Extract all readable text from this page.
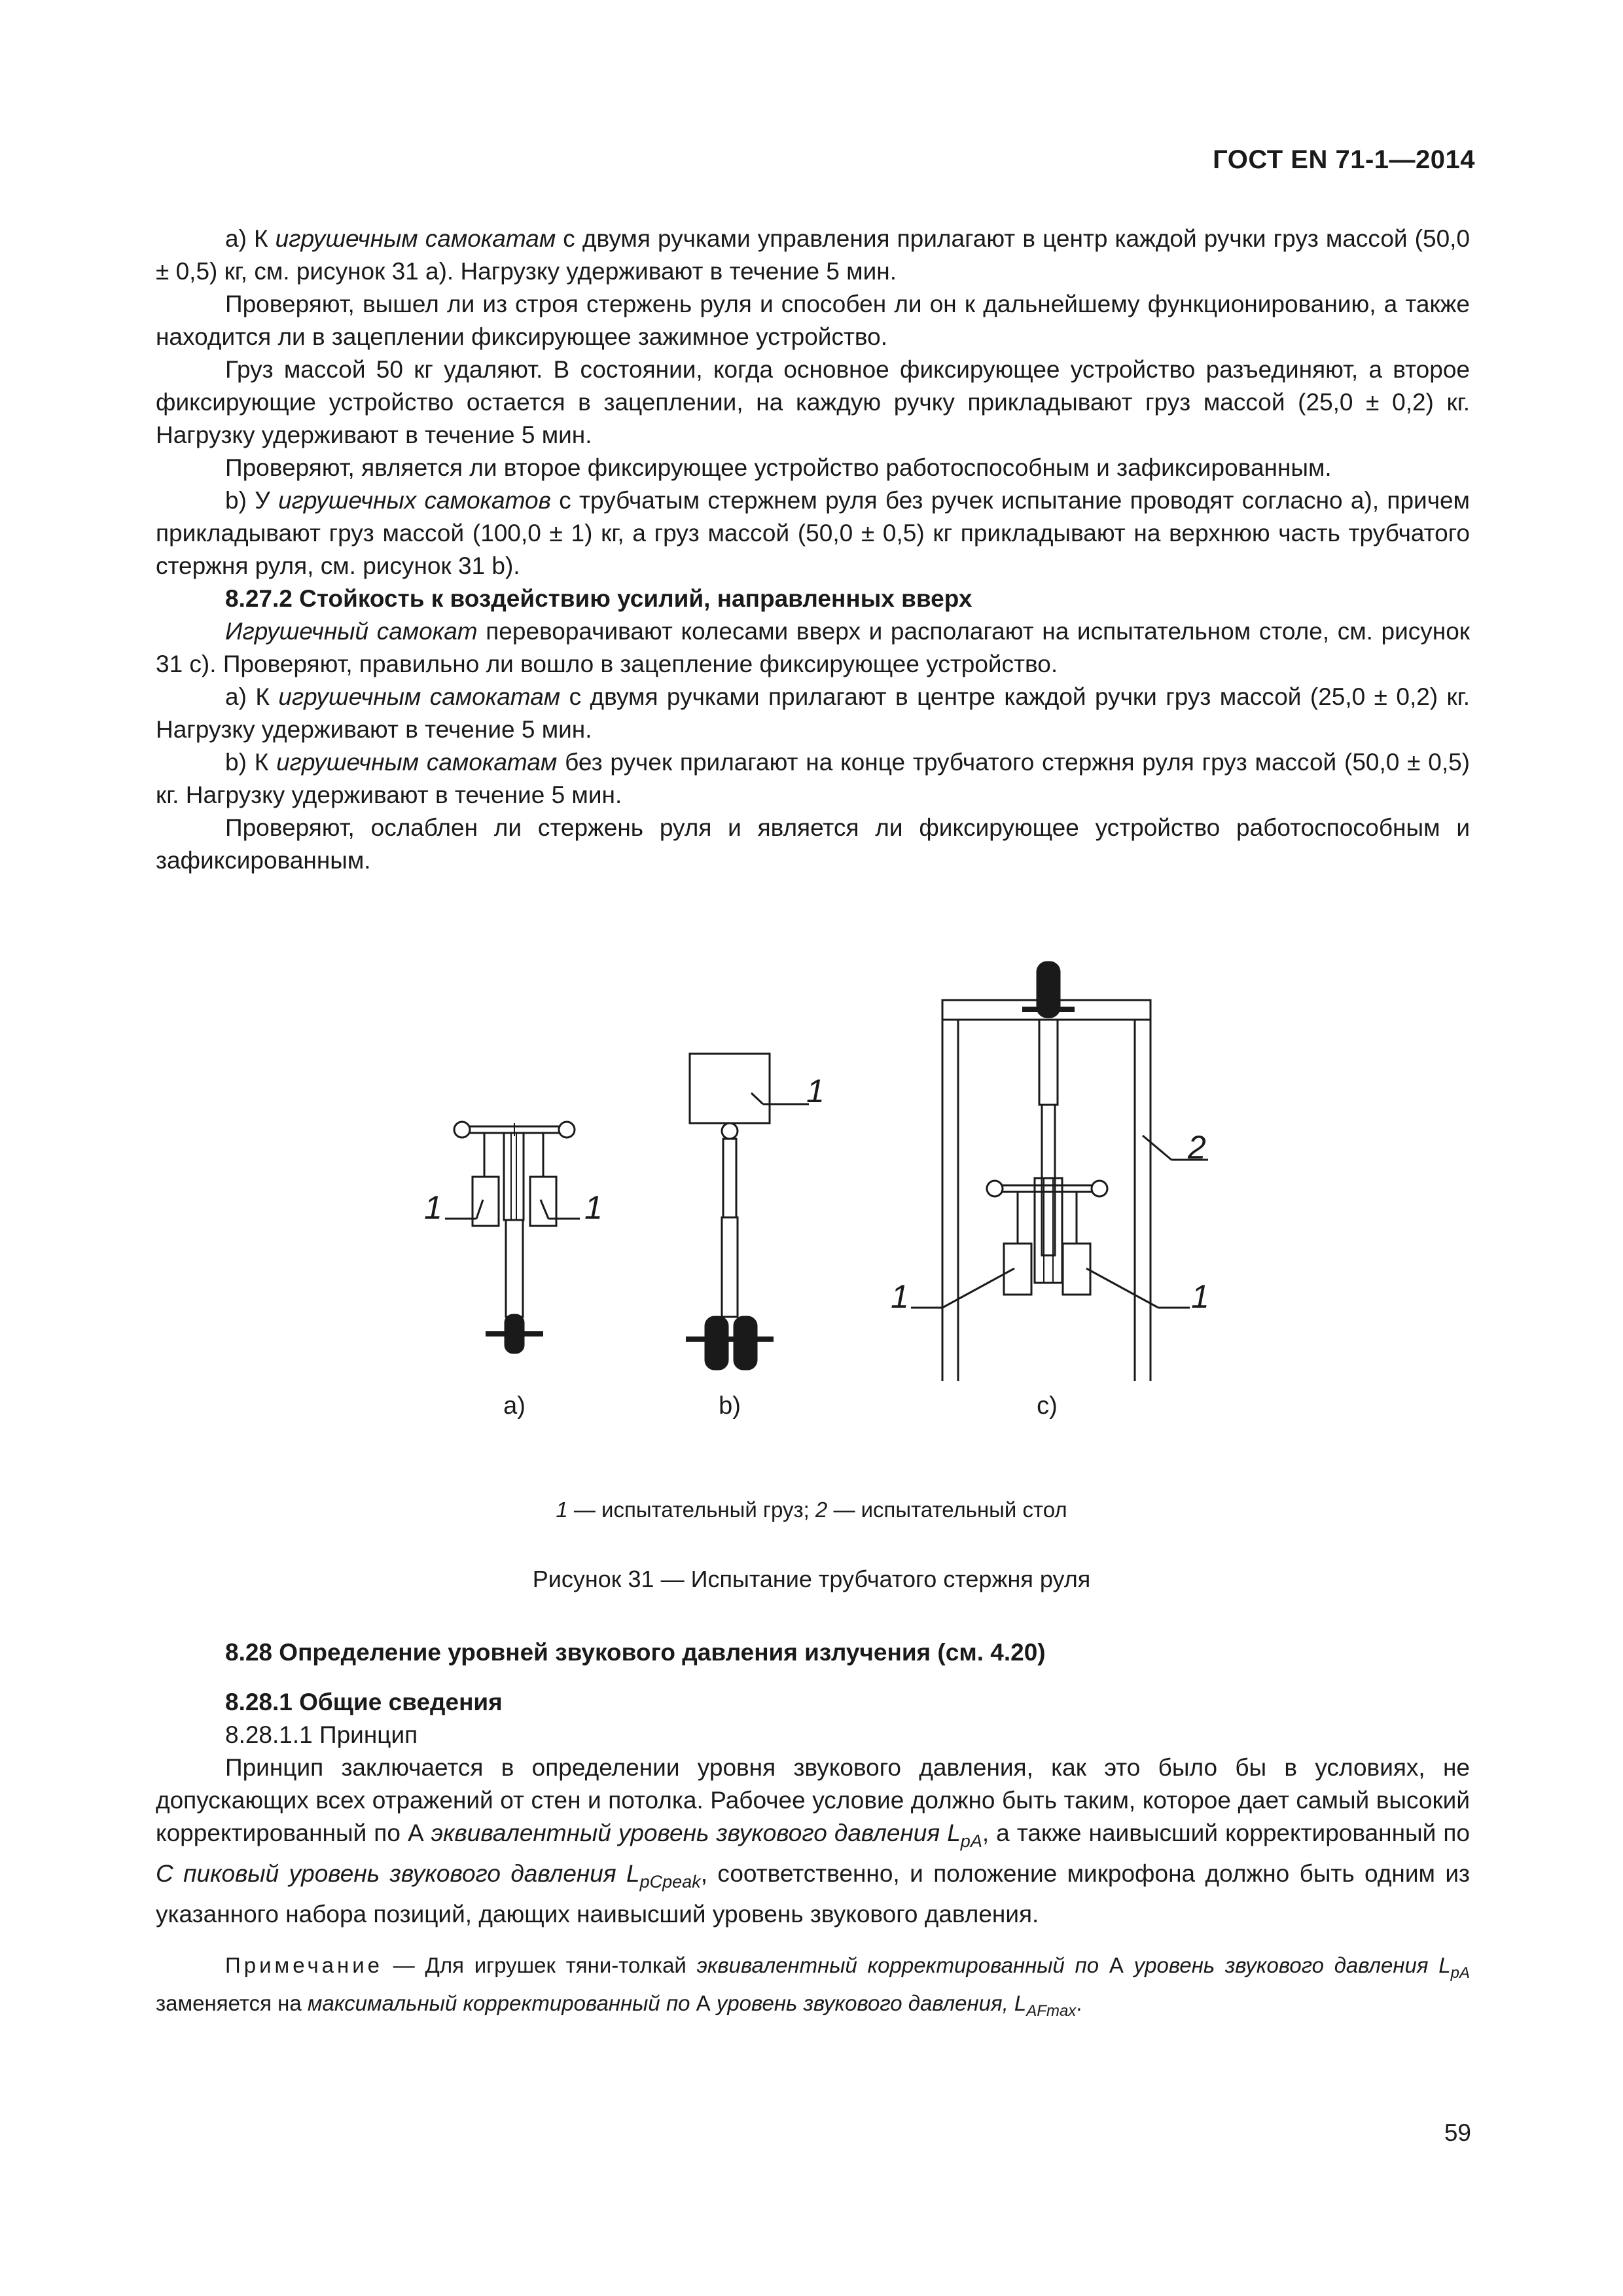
ГОСТ EN 71-1—2014

а) К игрушечным самокатам с двумя ручками управления прилагают в центр каждой ручки груз массой (50,0 ± 0,5) кг, см. рисунок 31 а). Нагрузку удерживают в течение 5 мин.

Проверяют, вышел ли из строя стержень руля и способен ли он к дальнейшему функционированию, а также находится ли в зацеплении фиксирующее зажимное устройство.

Груз массой 50 кг удаляют. В состоянии, когда основное фиксирующее устройство разъединяют, а второе фиксирующие устройство остается в зацеплении, на каждую ручку прикладывают груз массой (25,0 ± 0,2) кг. Нагрузку удерживают в течение 5 мин.

Проверяют, является ли второе фиксирующее устройство работоспособным и зафиксированным.

b) У игрушечных самокатов с трубчатым стержнем руля без ручек испытание проводят согласно а), причем прикладывают груз массой (100,0 ± 1) кг, а груз массой (50,0 ± 0,5) кг прикладывают на верхнюю часть трубчатого стержня руля, см. рисунок 31 b).

8.27.2 Стойкость к воздействию усилий, направленных вверх

Игрушечный самокат переворачивают колесами вверх и располагают на испытательном столе, см. рисунок 31 с). Проверяют, правильно ли вошло в зацепление фиксирующее устройство.

а) К игрушечным самокатам с двумя ручками прилагают в центре каждой ручки груз массой (25,0 ± 0,2) кг. Нагрузку удерживают в течение 5 мин.

b) К игрушечным самокатам без ручек прилагают на конце трубчатого стержня руля груз массой (50,0 ± 0,5) кг. Нагрузку удерживают в течение 5 мин.

Проверяют, ослаблен ли стержень руля и является ли фиксирующее устройство работоспособным и зафиксированным.

1	1
1
1	1
2
a)	b)	c)
1 — испытательный груз; 2 — испытательный стол
Рисунок 31 — Испытание трубчатого стержня руля

8.28 Определение уровней звукового давления излучения (см. 4.20)

8.28.1 Общие сведения

8.28.1.1 Принцип

Принцип заключается в определении уровня звукового давления, как это было бы в условиях, не допускающих всех отражений от стен и потолка. Рабочее условие должно быть таким, которое дает самый высокий корректированный по А эквивалентный уровень звукового давления $L_{pA}$, а также наивысший корректированный по С пиковый уровень звукового давления $L_{pCpeak}$, соответственно, и положение микрофона должно быть одним из указанного набора позиций, дающих наивысший уровень звукового давления.

Примечание — Для игрушек тяни-толкай эквивалентный корректированный по А уровень звукового давления $L_{pA}$ заменяется на максимальный корректированный по А уровень звукового давления, $L_{AFmax}$.
59
